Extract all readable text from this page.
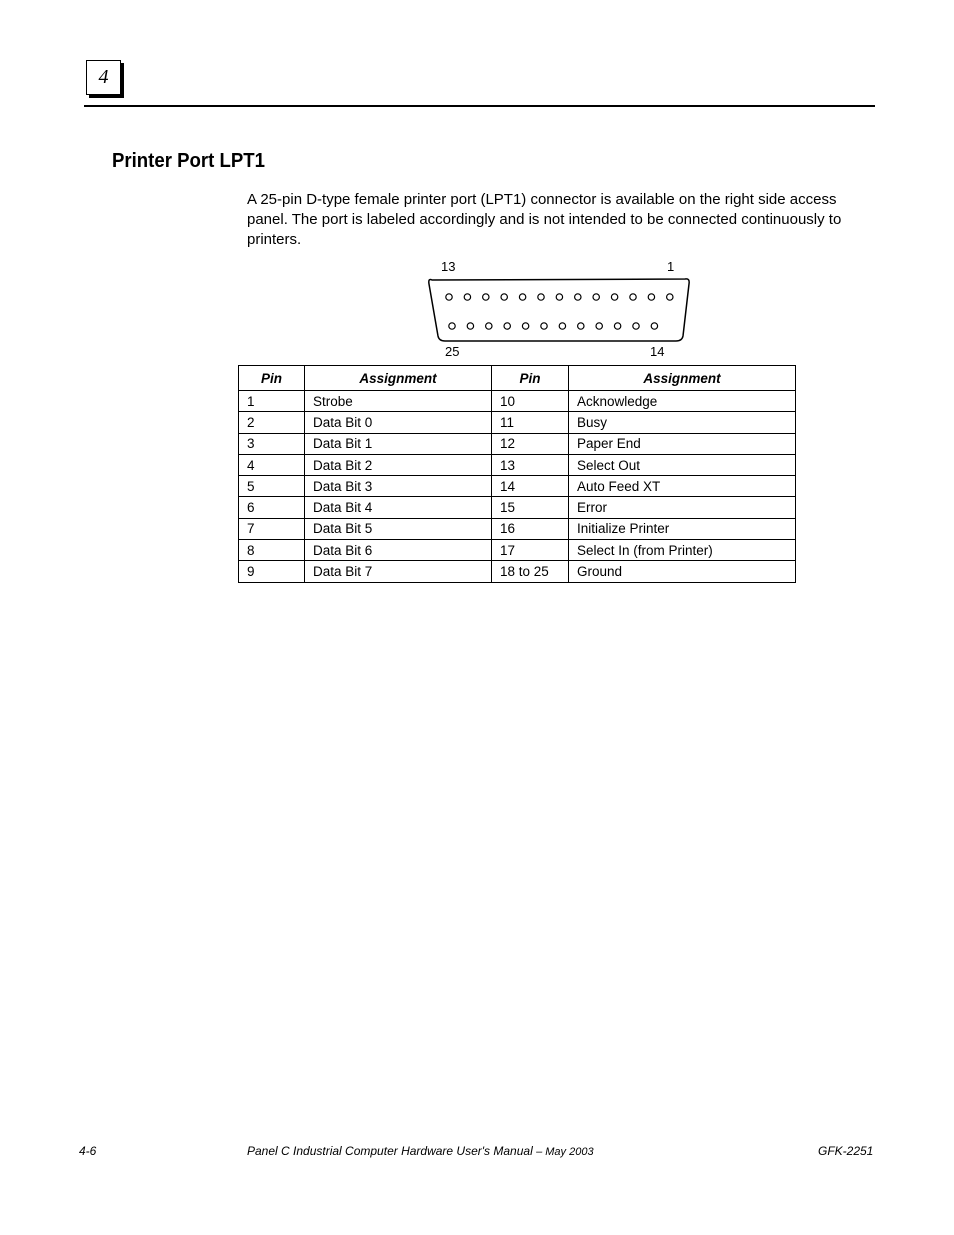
4
Printer Port LPT1

A 25-pin D-type female printer port (LPT1) connector is available on the right side access panel. The port is labeled accordingly and is not intended to be connected continuously to printers.

13	1
25	14
Pin	Assignment	Pin	Assignment
1	Strobe	10	Acknowledge
2	Data Bit 0	11	Busy
3	Data Bit 1	12	Paper End
4	Data Bit 2	13	Select Out
5	Data Bit 3	14	Auto Feed XT
6	Data Bit 4	15	Error
7	Data Bit 5	16	Initialize Printer
8	Data Bit 6	17	Select In (from Printer)
9	Data Bit 7	18 to 25	Ground
4-6	Panel C Industrial Computer Hardware User's Manual – May 2003	GFK-2251
